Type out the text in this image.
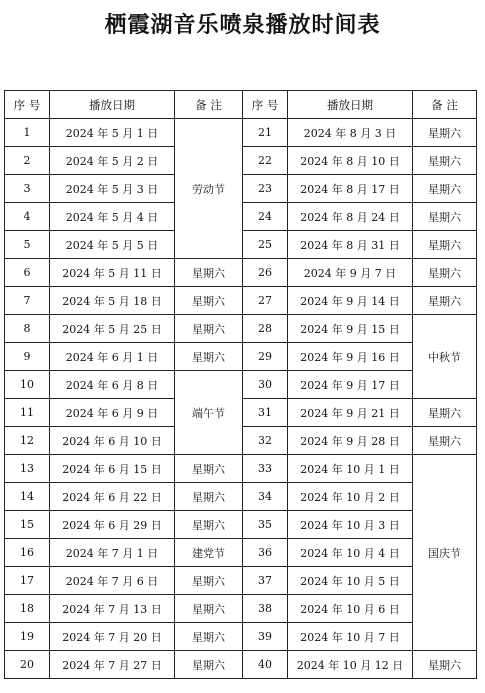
栖霞湖音乐喷泉播放时间表
序 号	播放日期	备 注	序 号	播放日期	备 注
1	2024 年 5 月 1 日	劳动节	21	2024 年 8 月 3 日	星期六
2	2024 年 5 月 2 日		22	2024 年 8 月 10 日	星期六
3	2024 年 5 月 3 日		23	2024 年 8 月 17 日	星期六
4	2024 年 5 月 4 日		24	2024 年 8 月 24 日	星期六
5	2024 年 5 月 5 日		25	2024 年 8 月 31 日	星期六
6	2024 年 5 月 11 日	星期六	26	2024 年 9 月 7 日	星期六
7	2024 年 5 月 18 日	星期六	27	2024 年 9 月 14 日	星期六
8	2024 年 5 月 25 日	星期六	28	2024 年 9 月 15 日	中秋节
9	2024 年 6 月 1 日	星期六	29	2024 年 9 月 16 日	
10	2024 年 6 月 8 日	端午节	30	2024 年 9 月 17 日	
11	2024 年 6 月 9 日		31	2024 年 9 月 21 日	星期六
12	2024 年 6 月 10 日		32	2024 年 9 月 28 日	星期六
13	2024 年 6 月 15 日	星期六	33	2024 年 10 月 1 日	国庆节
14	2024 年 6 月 22 日	星期六	34	2024 年 10 月 2 日	
15	2024 年 6 月 29 日	星期六	35	2024 年 10 月 3 日	
16	2024 年 7 月 1 日	建党节	36	2024 年 10 月 4 日	
17	2024 年 7 月 6 日	星期六	37	2024 年 10 月 5 日	
18	2024 年 7 月 13 日	星期六	38	2024 年 10 月 6 日	
19	2024 年 7 月 20 日	星期六	39	2024 年 10 月 7 日	
20	2024 年 7 月 27 日	星期六	40	2024 年 10 月 12 日	星期六
